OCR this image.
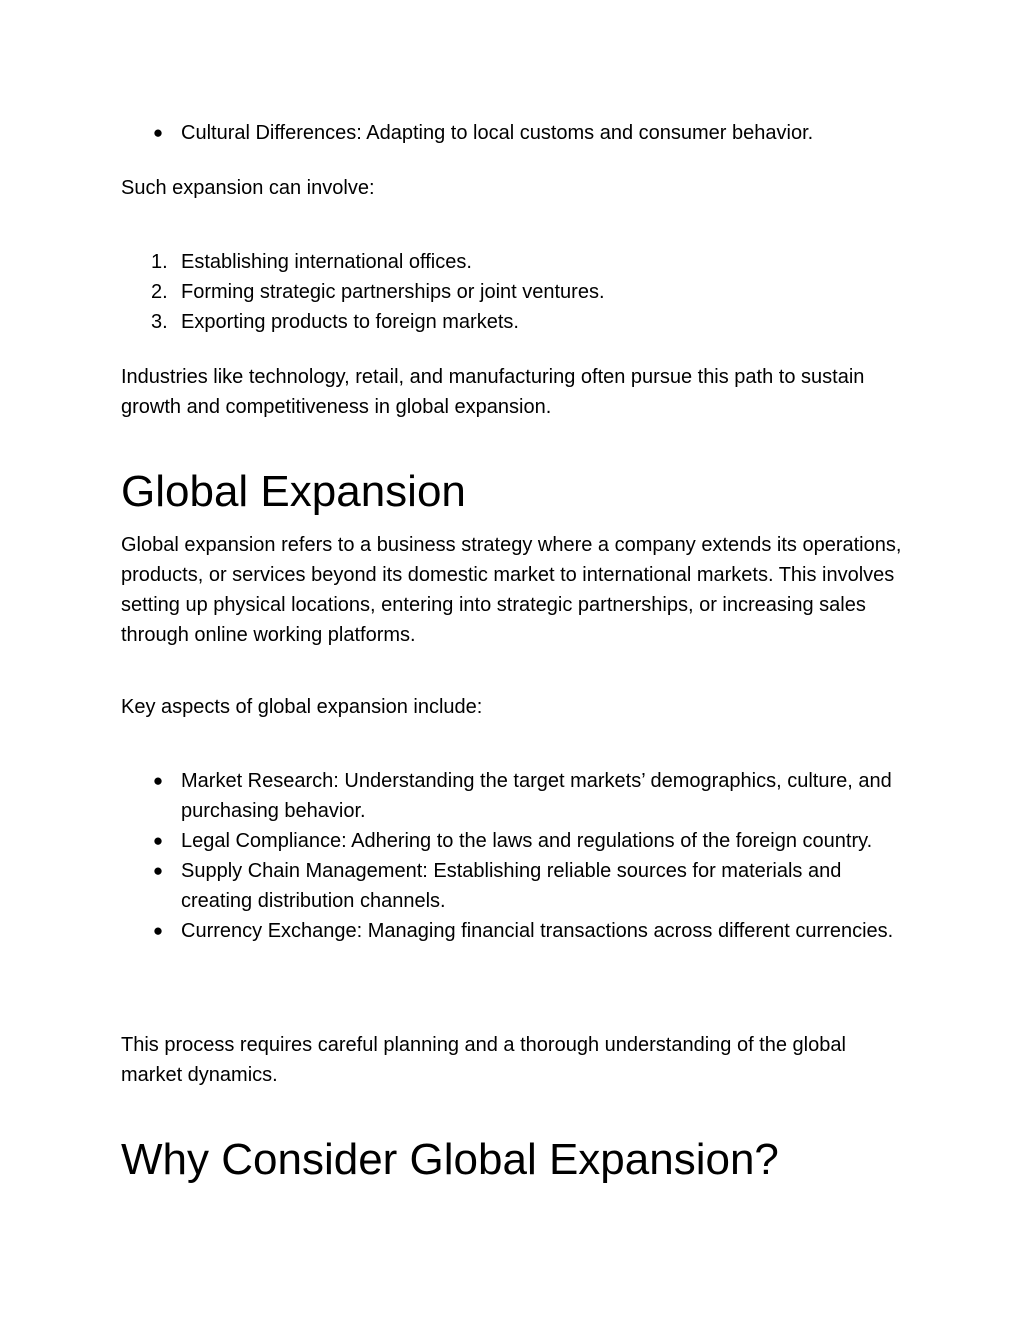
● Cultural Differences: Adapting to local customs and consumer behavior.

Such expansion can involve:

1. Establishing international offices.
2. Forming strategic partnerships or joint ventures.
3. Exporting products to foreign markets.

Industries like technology, retail, and manufacturing often pursue this path to sustain growth and competitiveness in global expansion.

Global Expansion

Global expansion refers to a business strategy where a company extends its operations, products, or services beyond its domestic market to international markets. This involves setting up physical locations, entering into strategic partnerships, or increasing sales through online working platforms.

Key aspects of global expansion include:

● Market Research: Understanding the target markets’ demographics, culture, and purchasing behavior.
● Legal Compliance: Adhering to the laws and regulations of the foreign country.
● Supply Chain Management: Establishing reliable sources for materials and creating distribution channels.
● Currency Exchange: Managing financial transactions across different currencies.

This process requires careful planning and a thorough understanding of the global market dynamics.

Why Consider Global Expansion?
